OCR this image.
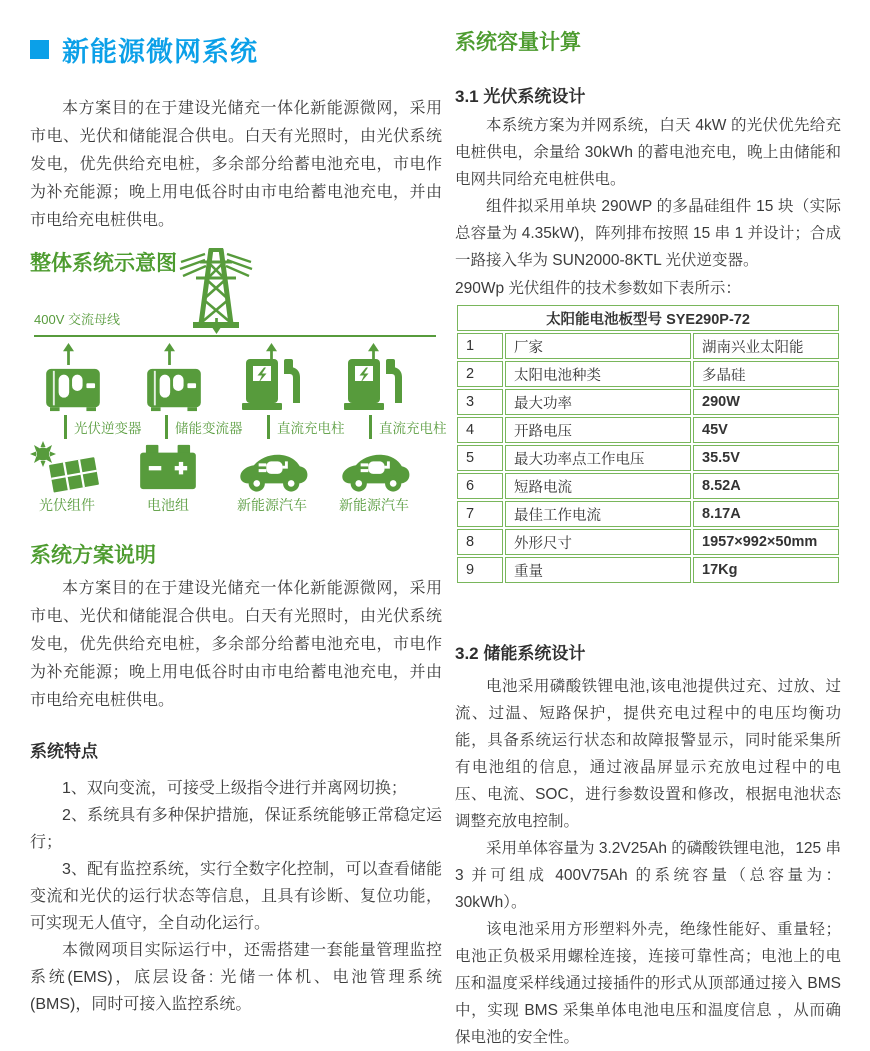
新能源微网系统

本方案目的在于建设光储充一体化新能源微网，采用市电、光伏和储能混合供电。白天有光照时，由光伏系统发电，优先供给充电桩，多余部分给蓄电池充电，市电作为补充能源；晚上用电低谷时由市电给蓄电池充电，并由市电给充电桩供电。

整体系统示意图
400V 交流母线
光伏逆变器 储能变流器	直流充电柱	直流充电柱
光伏组件	电池组	新能源汽车 新能源汽车
系统方案说明

本方案目的在于建设光储充一体化新能源微网，采用市电、光伏和储能混合供电。白天有光照时，由光伏系统发电，优先供给充电桩，多余部分给蓄电池充电，市电作为补充能源；晚上用电低谷时由市电给蓄电池充电，并由市电给充电桩供电。

系统特点

1、双向变流，可接受上级指令进行并离网切换；

2、系统具有多种保护措施，保证系统能够正常稳定运行；

3、配有监控系统，实行全数字化控制，可以查看储能变流和光伏的运行状态等信息，且具有诊断、复位功能，可实现无人值守，全自动化运行。

本微网项目实际运行中，还需搭建一套能量管理监控系统(EMS)，底层设备: 光储一体机、电池管理系统(BMS)，同时可接入监控系统。

系统容量计算
3.1 光伏系统设计

本系统方案为并网系统，白天 4kW 的光伏优先给充电桩供电，余量给 30kWh 的蓄电池充电，晚上由储能和电网共同给充电桩供电。

组件拟采用单块 290WP 的多晶硅组件 15 块（实际总容量为 4.35kW)，阵列排布按照 15 串 1 并设计；合成一路接入华为 SUN2000-8KTL 光伏逆变器。

290Wp 光伏组件的技术参数如下表所示：
太阳能电池板型号 SYE290P-72		
1	厂家	湖南兴业太阳能
2	太阳电池种类	多晶硅
3	最大功率	290W
4	开路电压	45V
5	最大功率点工作电压	35.5V
6	短路电流	8.52A
7	最佳工作电流	8.17A
8	外形尺寸	1957×992×50mm
9	重量	17Kg
3.2 储能系统设计

电池采用磷酸铁锂电池,该电池提供过充、过放、过流、过温、短路保护，提供充电过程中的电压均衡功能，具备系统运行状态和故障报警显示，同时能采集所有电池组的信息，通过液晶屏显示充放电过程中的电压、电流、SOC，进行参数设置和修改，根据电池状态调整充放电控制。

采用单体容量为 3.2V25Ah 的磷酸铁锂电池，125 串 3 并可组成 400V75Ah 的系统容量（总容量为：30kWh）。

该电池采用方形塑料外壳，绝缘性能好、重量轻；电池正负极采用螺栓连接，连接可靠性高；电池上的电压和温度采样线通过接插件的形式从顶部通过接入 BMS 中，实现 BMS 采集单体电池电压和温度信息 ，从而确保电池的安全性。
